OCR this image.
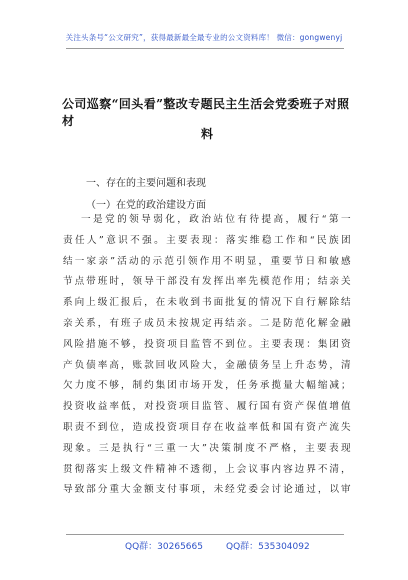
关注头条号“公文研究”，获得最新最全最专业的公文资料库！ 微信：gongwenyj
公司巡察“回头看”整改专题民主生活会党委班子对照材
料
一、存在的主要问题和表现
（一）在党的政治建设方面
一是党的领导弱化，政治站位有待提高，履行“第一
责任人”意识不强。主要表现：落实维稳工作和“民族团
结一家亲”活动的示范引领作用不明显，重要节日和敏感
节点带班时，领导干部没有发挥出率先模范作用；结亲关
系向上级汇报后，在未收到书面批复的情况下自行解除结
亲关系，有班子成员未按规定再结亲。二是防范化解金融
风险措施不够，投资项目监管不到位。主要表现：集团资
产负债率高，账款回收风险大，金融债务呈上升态势，清
欠力度不够，制约集团市场开发，任务承揽量大幅缩减；
投资收益率低，对投资项目监管、履行国有资产保值增值
职责不到位，造成投资项目存在收益率低和国有资产流失
现象。三是执行“三重一大”决策制度不严格，主要表现
贯彻落实上级文件精神不透彻，上会议事内容边界不清，
导致部分重大金额支付事项，未经党委会讨论通过，以审
QQ群：30265665	QQ群：535304092
